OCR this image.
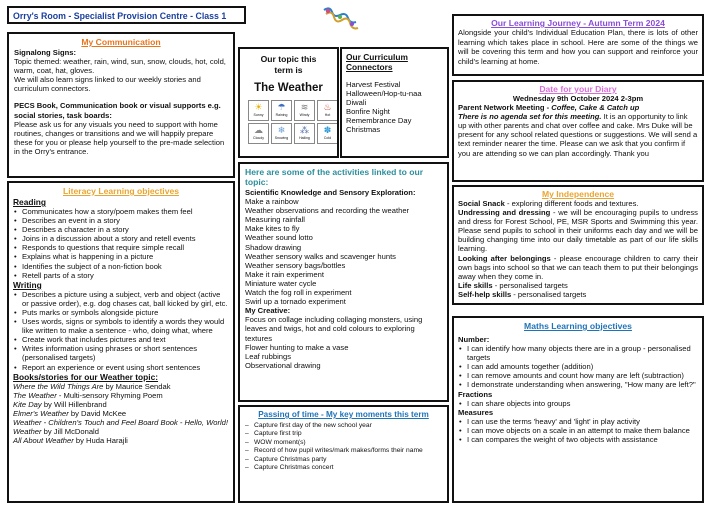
Orry's Room - Specialist Provision Centre - Class 1
My Communication
Signalong Signs:
Topic themed: weather, rain, wind, sun, snow, clouds, hot, cold, warm, coat, hat, gloves.
We will also learn signs linked to our weekly stories and curriculum connectors.
PECS Book, Communication book or visual supports e.g. social stories, task boards:
Please ask us for any visuals you need to support with home routines, changes or transitions and we will happily prepare these for you or please help yourself to the pre-made selection in the Orry's entrance.
Our topic this term is
The Weather
☀
Sunny
☂
Raining
≋
Windy
♨
Hot
☁
Cloudy
❄
Snowing
⁂
Hailing
✽
Cold
Our Curriculum Connectors
Harvest Festival
Halloween/Hop-tu-naa
Diwali
Bonfire Night
Remembrance Day
Christmas
Our Learning Journey - Autumn Term 2024
Alongside your child's Individual Education Plan, there is lots of other learning which takes place in school. Here are some of the things we will be covering this term and how you can support and reinforce your child's learning at home.
Date for your Diary
Wednesday 9th October 2024 2-3pm
Parent Network Meeting - Coffee, Cake & Catch up
There is no agenda set for this meeting. It is an opportunity to link up with other parents and chat over coffee and cake. Mrs Duke will be present for any school related questions or suggestions. We will send a text reminder nearer the time. Please can we ask that you confirm if you are attending so we can plan accordingly. Thank you
Literacy Learning objectives
Reading
• Communicates how a story/poem makes them feel
• Describes an event in a story
• Describes a character in a story
• Joins in a discussion about a story and retell events
• Responds to questions that require simple recall
• Explains what is happening in a picture
• Identifies the subject of a non-fiction book
• Retell parts of a story
Writing
• Describes a picture using a subject, verb and object (active or passive order), e.g. dog chases cat, ball kicked by girl, etc.
• Puts marks or symbols alongside picture
• Uses words, signs or symbols to identify a words they would like written to make a sentence - who, doing what, where
• Create work that includes pictures and text
• Writes information using phrases or short sentences (personalised targets)
• Report an experience or event using short sentences
Books/stories for our Weather topic:
Where the Wild Things Are by Maurice Sendak
The Weather - Multi-sensory Rhyming Poem
Kite Day by Will Hillenbrand
Elmer's Weather by David McKee
Weather - Children's Touch and Feel Board Book - Hello, World! Weather by Jill McDonald
All About Weather by Huda Harajli
Here are some of the activities linked to our topic:
Scientific Knowledge and Sensory Exploration:
Make a rainbow
Weather observations and recording the weather
Measuring rainfall
Make kites to fly
Weather sound lotto
Shadow drawing
Weather sensory walks and scavenger hunts
Weather sensory bags/bottles
Make it rain experiment
Miniature water cycle
Watch the fog roll in experiment
Swirl up a tornado experiment
My Creative:
Focus on collage including collaging monsters, using leaves and twigs, hot and cold colours to exploring textures
Flower hunting to make a vase
Leaf rubbings
Observational drawing
Passing of time - My key moments this term
– Capture first day of the new school year
– Capture first trip
– WOW moment(s)
– Record of how pupil writes/mark makes/forms their name
– Capture Christmas party
– Capture Christmas concert
My Independence
Social Snack - exploring different foods and textures.
Undressing and dressing - we will be encouraging pupils to undress and dress for Forest School, PE, MSR Sports and Swimming this year. Please send pupils to school in their uniforms each day and we will be building changing time into our daily timetable as part of our life skills learning.
Looking after belongings - please encourage children to carry their own bags into school so that we can teach them to put their belongings away when they come in.
Life skills - personalised targets
Self-help skills - personalised targets
Maths Learning objectives
Number:
• I can identify how many objects there are in a group - personalised targets
• I can add amounts together (addition)
• I can remove amounts and count how many are left (subtraction)
• I demonstrate understanding when answering, "How many are left?"
Fractions
• I can share objects into groups
Measures
• I can use the terms 'heavy' and 'light' in play activity
• I can move objects on a scale in an attempt to make them balance
• I can compares the weight of two objects with assistance
